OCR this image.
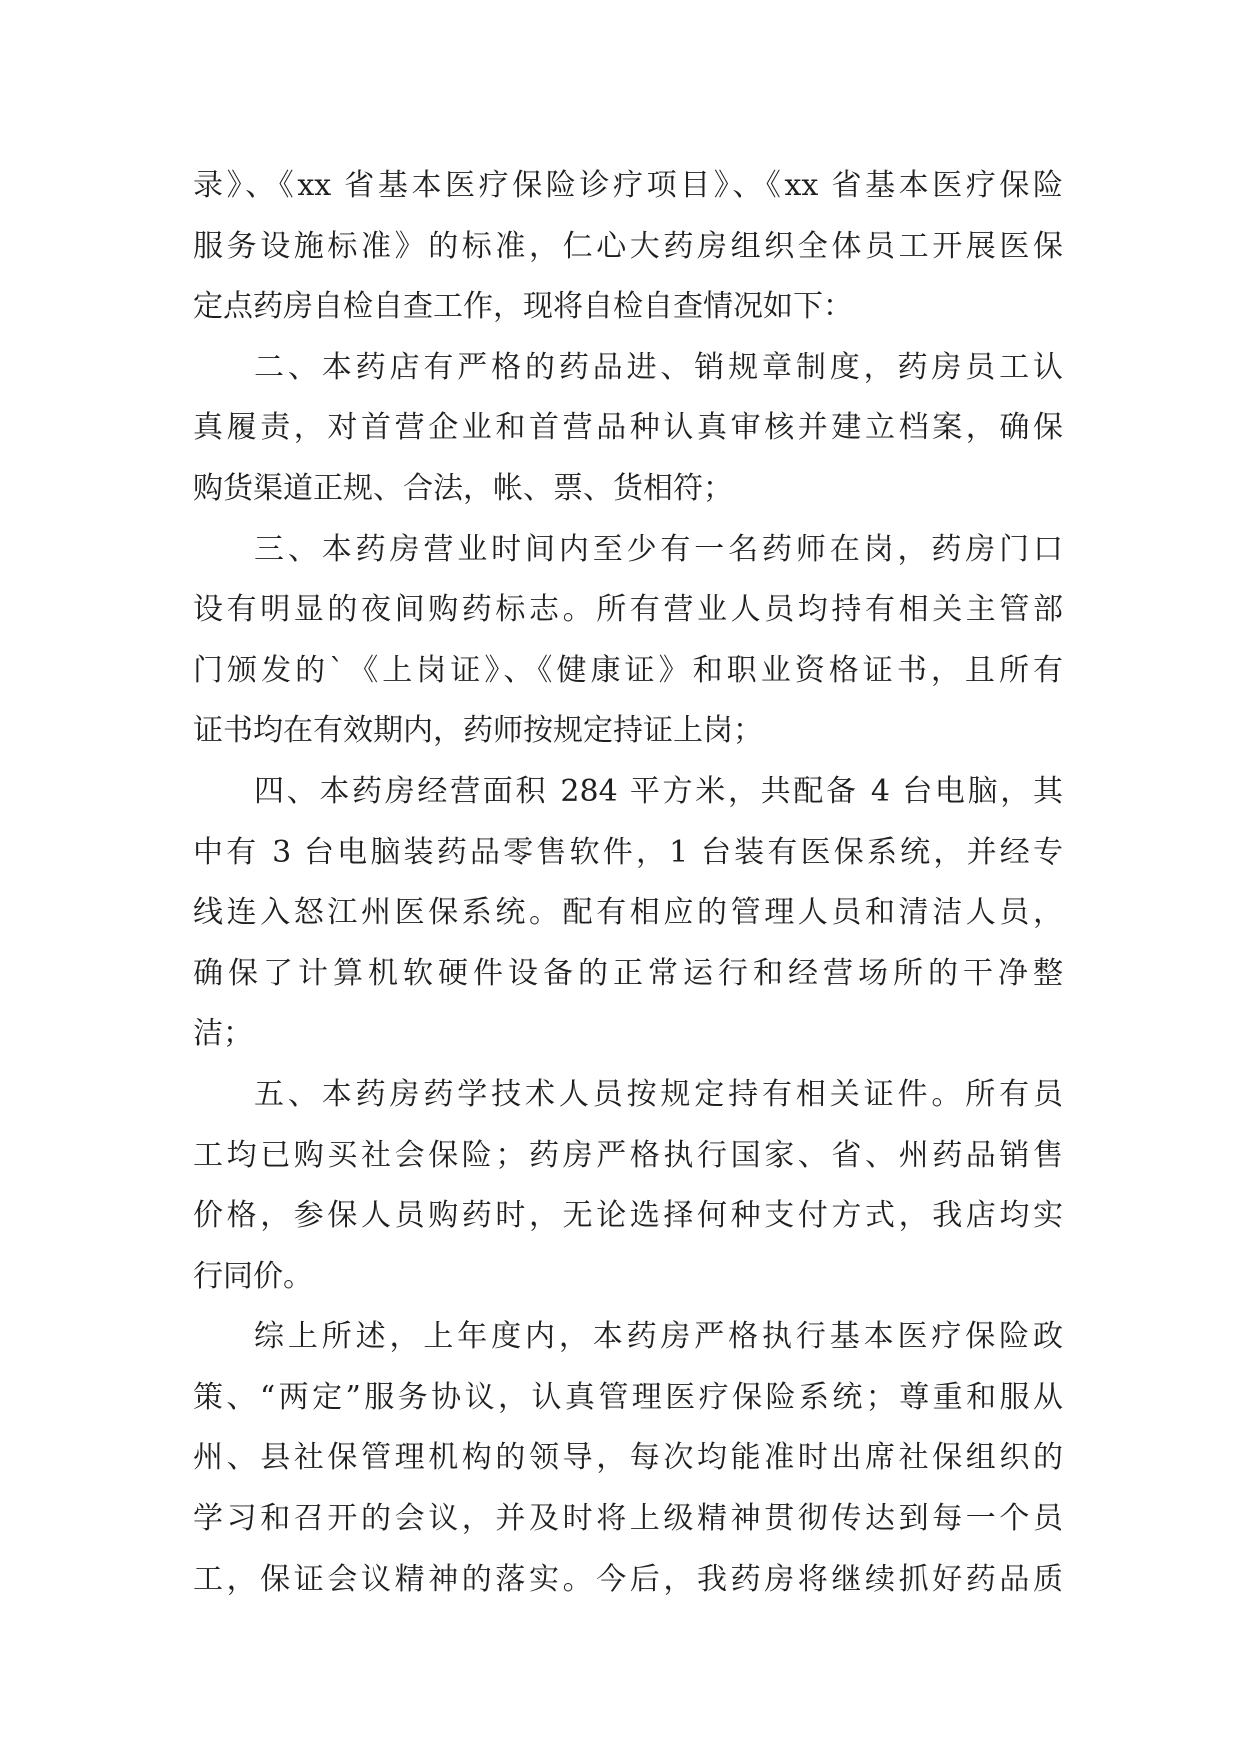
录》、《xx 省基本医疗保险诊疗项目》、《xx 省基本医疗保险
服务设施标准》的标准，仁心大药房组织全体员工开展医保
定点药房自检自查工作，现将自检自查情况如下：
二、本药店有严格的药品进、销规章制度，药房员工认
真履责，对首营企业和首营品种认真审核并建立档案，确保
购货渠道正规、合法，帐、票、货相符；
三、本药房营业时间内至少有一名药师在岗，药房门口
设有明显的夜间购药标志。所有营业人员均持有相关主管部
门颁发的`《上岗证》、《健康证》和职业资格证书，且所有
证书均在有效期内，药师按规定持证上岗；
四、本药房经营面积 284 平方米，共配备 4 台电脑，其
中有 3 台电脑装药品零售软件，1 台装有医保系统，并经专
线连入怒江州医保系统。配有相应的管理人员和清洁人员，
确保了计算机软硬件设备的正常运行和经营场所的干净整
洁；
五、本药房药学技术人员按规定持有相关证件。所有员
工均已购买社会保险；药房严格执行国家、省、州药品销售
价格，参保人员购药时，无论选择何种支付方式，我店均实
行同价。
综上所述，上年度内，本药房严格执行基本医疗保险政
策、“两定”服务协议，认真管理医疗保险系统；尊重和服从
州、县社保管理机构的领导，每次均能准时出席社保组织的
学习和召开的会议，并及时将上级精神贯彻传达到每一个员
工，保证会议精神的落实。今后，我药房将继续抓好药品质
